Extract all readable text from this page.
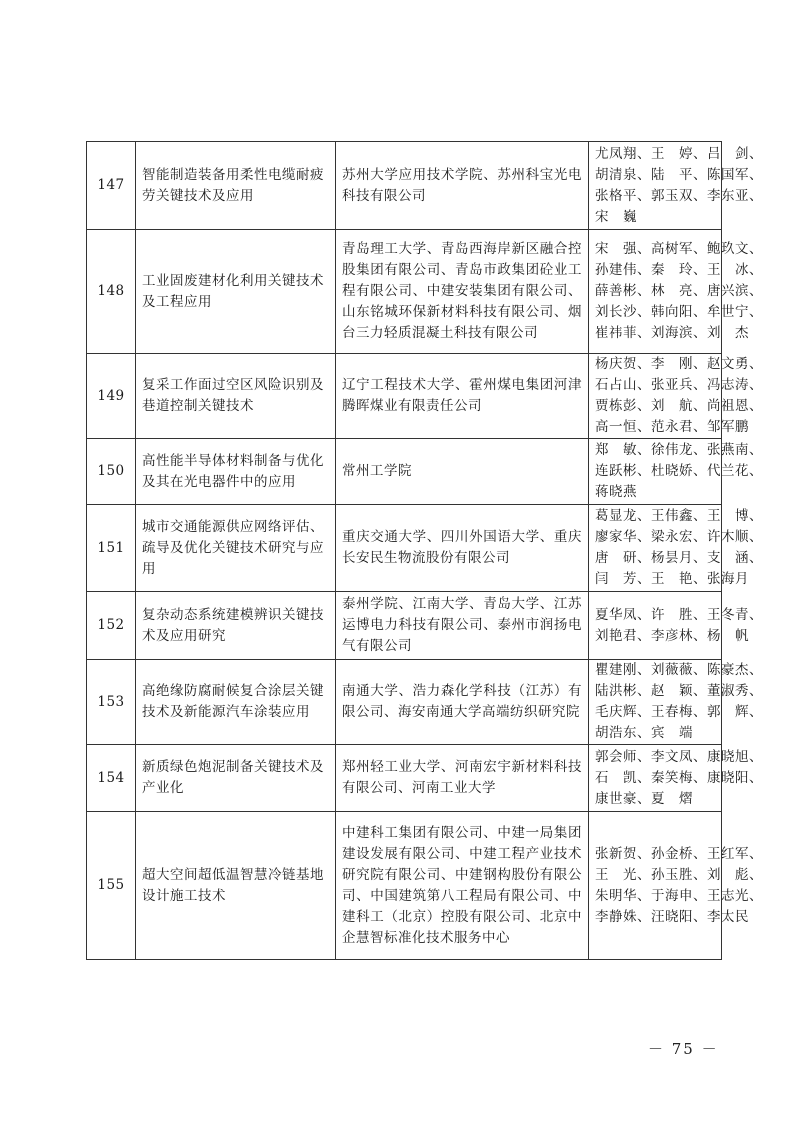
147	智能制造装备用柔性电缆耐疲劳关键技术及应用	苏州大学应用技术学院、苏州科宝光电科技有限公司	尤凤翔、王　婷、吕　剑、
胡清泉、陆　平、陈国军、
张格平、郭玉双、李东亚、
宋　巍

148	工业固废建材化利用关键技术及工程应用	青岛理工大学、青岛西海岸新区融合控股集团有限公司、青岛市政集团砼业工程有限公司、中建安装集团有限公司、山东铭城环保新材料科技有限公司、烟台三力轻质混凝土科技有限公司	宋　强、高树军、鲍玖文、
孙建伟、秦　玲、王　冰、
薛善彬、林　亮、唐兴滨、
刘长沙、韩向阳、牟世宁、
崔祎菲、刘海滨、刘　杰

149	复采工作面过空区风险识别及巷道控制关键技术	辽宁工程技术大学、霍州煤电集团河津腾晖煤业有限责任公司	杨庆贺、李　刚、赵文勇、
石占山、张亚兵、冯志涛、
贾栋彭、刘　航、尚祖恩、
高一恒、范永君、邹军鹏

150	高性能半导体材料制备与优化及其在光电器件中的应用	常州工学院	郑　敏、徐伟龙、张燕南、
连跃彬、杜晓娇、代兰花、
蒋晓燕

151	城市交通能源供应网络评估、疏导及优化关键技术研究与应用	重庆交通大学、四川外国语大学、重庆长安民生物流股份有限公司	葛显龙、王伟鑫、王　博、
廖家华、梁永宏、许木顺、
唐　研、杨昙月、支　涵、
闫　芳、王　艳、张海月

152	复杂动态系统建模辨识关键技术及应用研究	泰州学院、江南大学、青岛大学、江苏运博电力科技有限公司、泰州市润扬电气有限公司	夏华凤、许　胜、王冬青、
刘艳君、李彦林、杨　帆

153	高绝缘防腐耐候复合涂层关键技术及新能源汽车涂装应用	南通大学、浩力森化学科技（江苏）有限公司、海安南通大学高端纺织研究院	瞿建刚、刘薇薇、陈豪杰、
陆洪彬、赵　颖、董淑秀、
毛庆辉、王春梅、郭　辉、
胡浩东、宾　端

154	新质绿色炮泥制备关键技术及产业化	郑州轻工业大学、河南宏宇新材料科技有限公司、河南工业大学	郭会师、李文凤、康晓旭、
石　凯、秦笑梅、康晓阳、
康世豪、夏　熠

155	超大空间超低温智慧冷链基地设计施工技术	中建科工集团有限公司、中建一局集团建设发展有限公司、中建工程产业技术研究院有限公司、中建钢构股份有限公司、中国建筑第八工程局有限公司、中建科工（北京）控股有限公司、北京中企慧智标准化技术服务中心	张新贺、孙金桥、王红军、
王　光、孙玉胜、刘　彪、
朱明华、于海申、王志光、
李静姝、汪晓阳、李太民
－ 75 －
